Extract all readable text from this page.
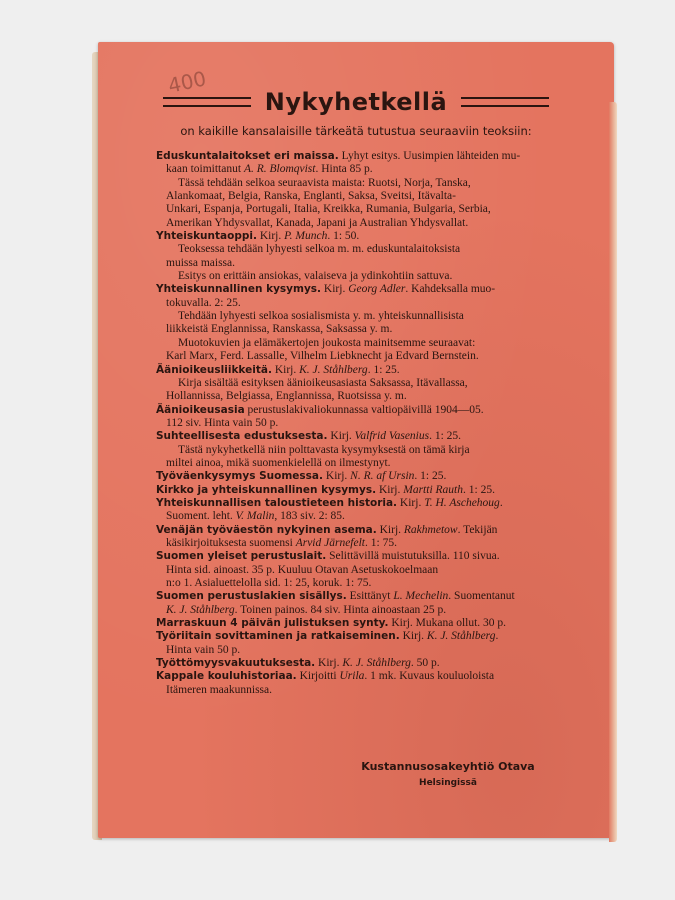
400
Nykyhetkellä
on kaikille kansalaisille tärkeätä tutustua seuraaviin teoksiin:
Eduskuntalaitokset eri maissa. Lyhyt esitys. Uusimpien lähteiden mu-
kaan toimittanut A. R. Blomqvist. Hinta 85 p.
Tässä tehdään selkoa seuraavista maista: Ruotsi, Norja, Tanska,
Alankomaat, Belgia, Ranska, Englanti, Saksa, Sveitsi, Itävalta-
Unkari, Espanja, Portugali, Italia, Kreikka, Rumania, Bulgaria, Serbia,
Amerikan Yhdysvallat, Kanada, Japani ja Australian Yhdysvallat.
Yhteiskuntaoppi. Kirj. P. Munch. 1: 50.
Teoksessa tehdään lyhyesti selkoa m. m. eduskuntalaitoksista
muissa maissa.
Esitys on erittäin ansiokas, valaiseva ja ydinkohtiin sattuva.
Yhteiskunnallinen kysymys. Kirj. Georg Adler. Kahdeksalla muo-
tokuvalla. 2: 25.
Tehdään lyhyesti selkoa sosialismista y. m. yhteiskunnallisista
liikkeistä Englannissa, Ranskassa, Saksassa y. m.
Muotokuvien ja elämäkertojen joukosta mainitsemme seuraavat:
Karl Marx, Ferd. Lassalle, Vilhelm Liebknecht ja Edvard Bernstein.
Äänioikeusliikkeitä. Kirj. K. J. Ståhlberg. 1: 25.
Kirja sisältää esityksen äänioikeusasiasta Saksassa, Itävallassa,
Hollannissa, Belgiassa, Englannissa, Ruotsissa y. m.
Äänioikeusasia perustuslakivaliokunnassa valtiopäivillä 1904—05.
112 siv. Hinta vain 50 p.
Suhteellisesta edustuksesta. Kirj. Valfrid Vasenius. 1: 25.
Tästä nykyhetkellä niin polttavasta kysymyksestä on tämä kirja
miltei ainoa, mikä suomenkielellä on ilmestynyt.
Työväenkysymys Suomessa. Kirj. N. R. af Ursin. 1: 25.
Kirkko ja yhteiskunnallinen kysymys. Kirj. Martti Rauth. 1: 25.
Yhteiskunnallisen taloustieteen historia. Kirj. T. H. Aschehoug.
Suoment. leht. V. Malin, 183 siv. 2: 85.
Venäjän työväestön nykyinen asema. Kirj. Rakhmetow. Tekijän
käsikirjoituksesta suomensi Arvid Järnefelt. 1: 75.
Suomen yleiset perustuslait. Selittävillä muistutuksilla. 110 sivua.
Hinta sid. ainoast. 35 p. Kuuluu Otavan Asetuskokoelmaan
n:o 1. Asialuettelolla sid. 1: 25, koruk. 1: 75.
Suomen perustuslakien sisällys. Esittänyt L. Mechelin. Suomentanut
K. J. Ståhlberg. Toinen painos. 84 siv. Hinta ainoastaan 25 p.
Marraskuun 4 päivän julistuksen synty. Kirj. Mukana ollut. 30 p.
Työriitain sovittaminen ja ratkaiseminen. Kirj. K. J. Ståhlberg.
Hinta vain 50 p.
Työttömyysvakuutuksesta. Kirj. K. J. Ståhlberg. 50 p.
Kappale kouluhistoriaa. Kirjoitti Urila. 1 mk. Kuvaus kouluoloista
Itämeren maakunnissa.
Kustannusosakeyhtiö Otava
Helsingissä
